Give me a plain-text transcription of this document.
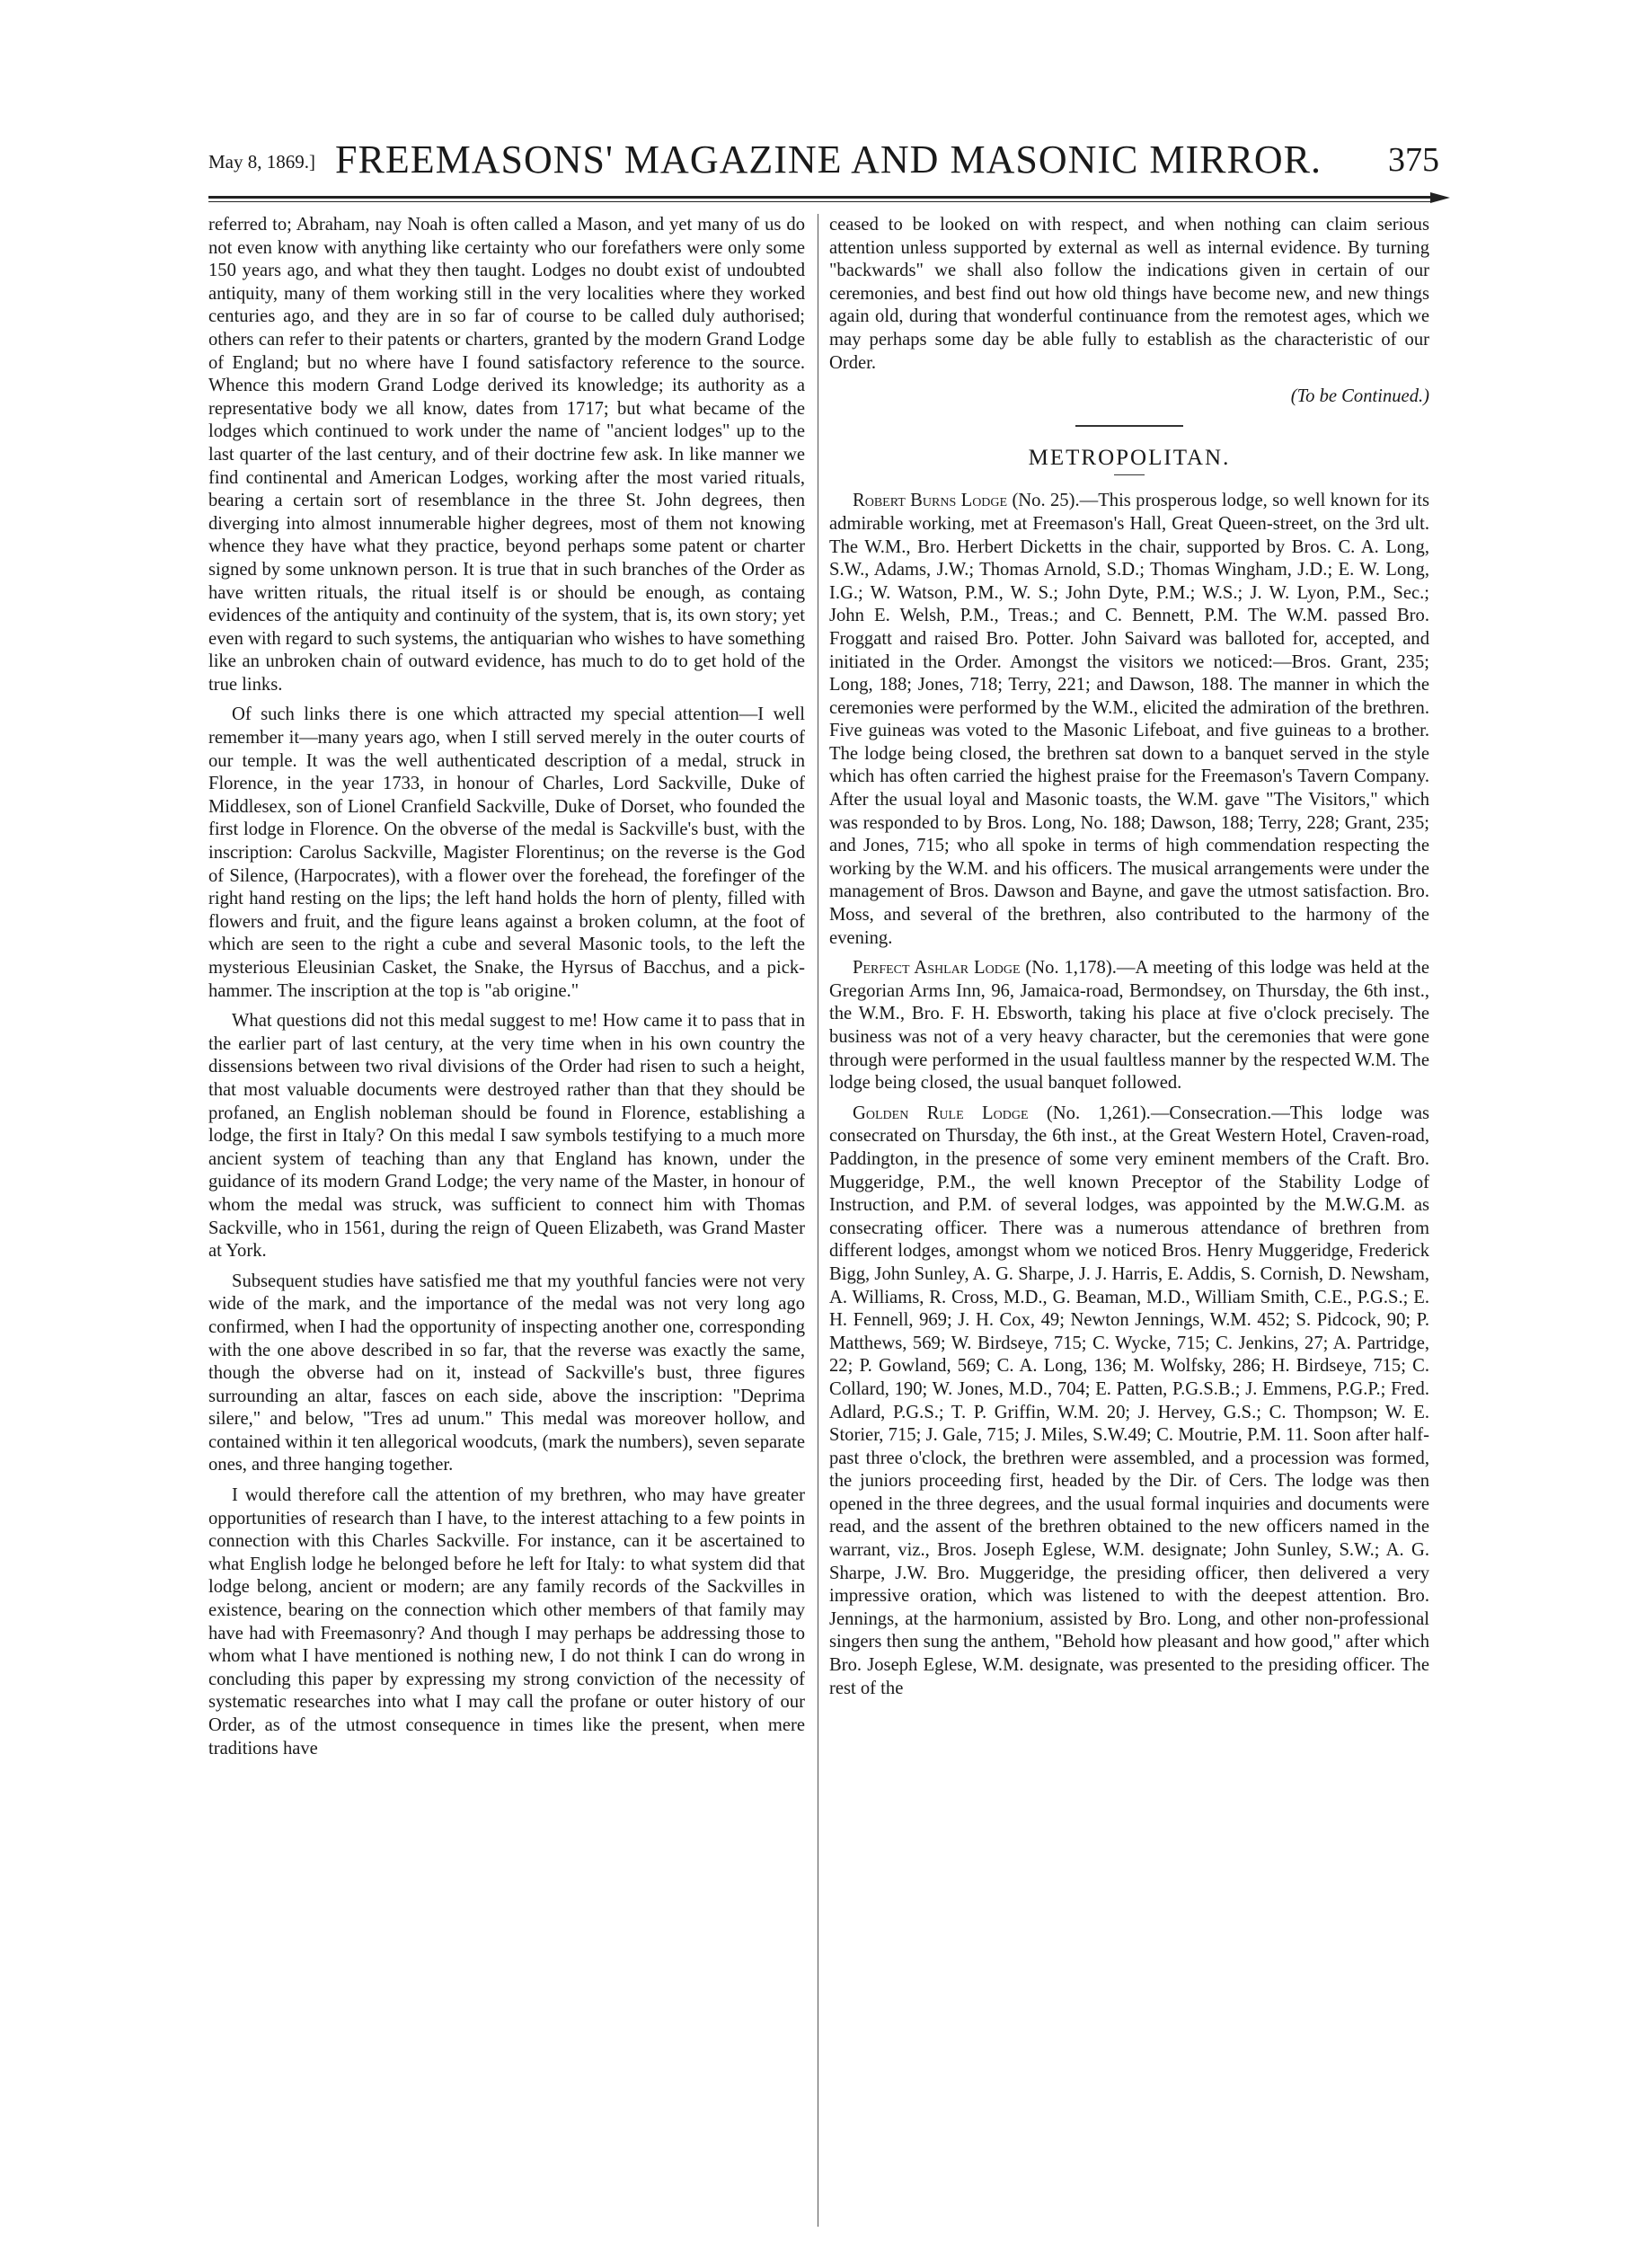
May 8, 1869.] FREEMASONS' MAGAZINE AND MASONIC MIRROR.	375

referred to; Abraham, nay Noah is often called a Mason, and yet many of us do not even know with anything like certainty who our forefathers were only some 150 years ago, and what they then taught. Lodges no doubt exist of undoubted antiquity, many of them working still in the very localities where they worked centuries ago, and they are in so far of course to be called duly authorised; others can refer to their patents or charters, granted by the modern Grand Lodge of England; but no where have I found satisfactory reference to the source. Whence this modern Grand Lodge derived its knowledge; its authority as a representative body we all know, dates from 1717; but what became of the lodges which continued to work under the name of "ancient lodges" up to the last quarter of the last century, and of their doctrine few ask. In like manner we find continental and American Lodges, working after the most varied rituals, bearing a certain sort of resemblance in the three St. John degrees, then diverging into almost innumerable higher degrees, most of them not knowing whence they have what they practice, beyond perhaps some patent or charter signed by some unknown person. It is true that in such branches of the Order as have written rituals, the ritual itself is or should be enough, as containg evidences of the antiquity and continuity of the system, that is, its own story; yet even with regard to such systems, the antiquarian who wishes to have something like an unbroken chain of outward evidence, has much to do to get hold of the true links.

Of such links there is one which attracted my special attention—I well remember it—many years ago, when I still served merely in the outer courts of our temple. It was the well authenticated description of a medal, struck in Florence, in the year 1733, in honour of Charles, Lord Sackville, Duke of Middlesex, son of Lionel Cranfield Sackville, Duke of Dorset, who founded the first lodge in Florence. On the obverse of the medal is Sackville's bust, with the inscription: Carolus Sackville, Magister Florentinus; on the reverse is the God of Silence, (Harpocrates), with a flower over the forehead, the forefinger of the right hand resting on the lips; the left hand holds the horn of plenty, filled with flowers and fruit, and the figure leans against a broken column, at the foot of which are seen to the right a cube and several Masonic tools, to the left the mysterious Eleusinian Casket, the Snake, the Hyrsus of Bacchus, and a pick-hammer. The inscription at the top is "ab origine."

What questions did not this medal suggest to me! How came it to pass that in the earlier part of last century, at the very time when in his own country the dissensions between two rival divisions of the Order had risen to such a height, that most valuable documents were destroyed rather than that they should be profaned, an English nobleman should be found in Florence, establishing a lodge, the first in Italy? On this medal I saw symbols testifying to a much more ancient system of teaching than any that England has known, under the guidance of its modern Grand Lodge; the very name of the Master, in honour of whom the medal was struck, was sufficient to connect him with Thomas Sackville, who in 1561, during the reign of Queen Elizabeth, was Grand Master at York.

Subsequent studies have satisfied me that my youthful fancies were not very wide of the mark, and the importance of the medal was not very long ago confirmed, when I had the opportunity of inspecting another one, corresponding with the one above described in so far, that the reverse was exactly the same, though the obverse had on it, instead of Sackville's bust, three figures surrounding an altar, fasces on each side, above the inscription: "Deprima silere," and below, "Tres ad unum." This medal was moreover hollow, and contained within it ten allegorical woodcuts, (mark the numbers), seven separate ones, and three hanging together.

I would therefore call the attention of my brethren, who may have greater opportunities of research than I have, to the interest attaching to a few points in connection with this Charles Sackville. For instance, can it be ascertained to what English lodge he belonged before he left for Italy: to what system did that lodge belong, ancient or modern; are any family records of the Sackvilles in existence, bearing on the connection which other members of that family may have had with Freemasonry? And though I may perhaps be addressing those to whom what I have mentioned is nothing new, I do not think I can do wrong in concluding this paper by expressing my strong conviction of the necessity of systematic researches into what I may call the profane or outer history of our Order, as of the utmost consequence in times like the present, when mere traditions have

ceased to be looked on with respect, and when nothing can claim serious attention unless supported by external as well as internal evidence. By turning "backwards" we shall also follow the indications given in certain of our ceremonies, and best find out how old things have become new, and new things again old, during that wonderful continuance from the remotest ages, which we may perhaps some day be able fully to establish as the characteristic of our Order.

(To be Continued.)

METROPOLITAN.

Robert Burns Lodge (No. 25).—This prosperous lodge, so well known for its admirable working, met at Freemason's Hall, Great Queen-street, on the 3rd ult. The W.M., Bro. Herbert Dicketts in the chair, supported by Bros. C. A. Long, S.W., Adams, J.W.; Thomas Arnold, S.D.; Thomas Wingham, J.D.; E. W. Long, I.G.; W. Watson, P.M., W. S.; John Dyte, P.M.; W.S.; J. W. Lyon, P.M., Sec.; John E. Welsh, P.M., Treas.; and C. Bennett, P.M. The W.M. passed Bro. Froggatt and raised Bro. Potter. John Saivard was balloted for, accepted, and initiated in the Order. Amongst the visitors we noticed:—Bros. Grant, 235; Long, 188; Jones, 718; Terry, 221; and Dawson, 188. The manner in which the ceremonies were performed by the W.M., elicited the admiration of the brethren. Five guineas was voted to the Masonic Lifeboat, and five guineas to a brother. The lodge being closed, the brethren sat down to a banquet served in the style which has often carried the highest praise for the Freemason's Tavern Company. After the usual loyal and Masonic toasts, the W.M. gave "The Visitors," which was responded to by Bros. Long, No. 188; Dawson, 188; Terry, 228; Grant, 235; and Jones, 715; who all spoke in terms of high commendation respecting the working by the W.M. and his officers. The musical arrangements were under the management of Bros. Dawson and Bayne, and gave the utmost satisfaction. Bro. Moss, and several of the brethren, also contributed to the harmony of the evening.

Perfect Ashlar Lodge (No. 1,178).—A meeting of this lodge was held at the Gregorian Arms Inn, 96, Jamaica-road, Bermondsey, on Thursday, the 6th inst., the W.M., Bro. F. H. Ebsworth, taking his place at five o'clock precisely. The business was not of a very heavy character, but the ceremonies that were gone through were performed in the usual faultless manner by the respected W.M. The lodge being closed, the usual banquet followed.

Golden Rule Lodge (No. 1,261).—Consecration.—This lodge was consecrated on Thursday, the 6th inst., at the Great Western Hotel, Craven-road, Paddington, in the presence of some very eminent members of the Craft. Bro. Muggeridge, P.M., the well known Preceptor of the Stability Lodge of Instruction, and P.M. of several lodges, was appointed by the M.W.G.M. as consecrating officer. There was a numerous attendance of brethren from different lodges, amongst whom we noticed Bros. Henry Muggeridge, Frederick Bigg, John Sunley, A. G. Sharpe, J. J. Harris, E. Addis, S. Cornish, D. Newsham, A. Williams, R. Cross, M.D., G. Beaman, M.D., William Smith, C.E., P.G.S.; E. H. Fennell, 969; J. H. Cox, 49; Newton Jennings, W.M. 452; S. Pidcock, 90; P. Matthews, 569; W. Birdseye, 715; C. Wycke, 715; C. Jenkins, 27; A. Partridge, 22; P. Gowland, 569; C. A. Long, 136; M. Wolfsky, 286; H. Birdseye, 715; C. Collard, 190; W. Jones, M.D., 704; E. Patten, P.G.S.B.; J. Emmens, P.G.P.; Fred. Adlard, P.G.S.; T. P. Griffin, W.M. 20; J. Hervey, G.S.; C. Thompson; W. E. Storier, 715; J. Gale, 715; J. Miles, S.W.49; C. Moutrie, P.M. 11. Soon after half-past three o'clock, the brethren were assembled, and a procession was formed, the juniors proceeding first, headed by the Dir. of Cers. The lodge was then opened in the three degrees, and the usual formal inquiries and documents were read, and the assent of the brethren obtained to the new officers named in the warrant, viz., Bros. Joseph Eglese, W.M. designate; John Sunley, S.W.; A. G. Sharpe, J.W. Bro. Muggeridge, the presiding officer, then delivered a very impressive oration, which was listened to with the deepest attention. Bro. Jennings, at the harmonium, assisted by Bro. Long, and other non-professional singers then sung the anthem, "Behold how pleasant and how good," after which Bro. Joseph Eglese, W.M. designate, was presented to the presiding officer. The rest of the
